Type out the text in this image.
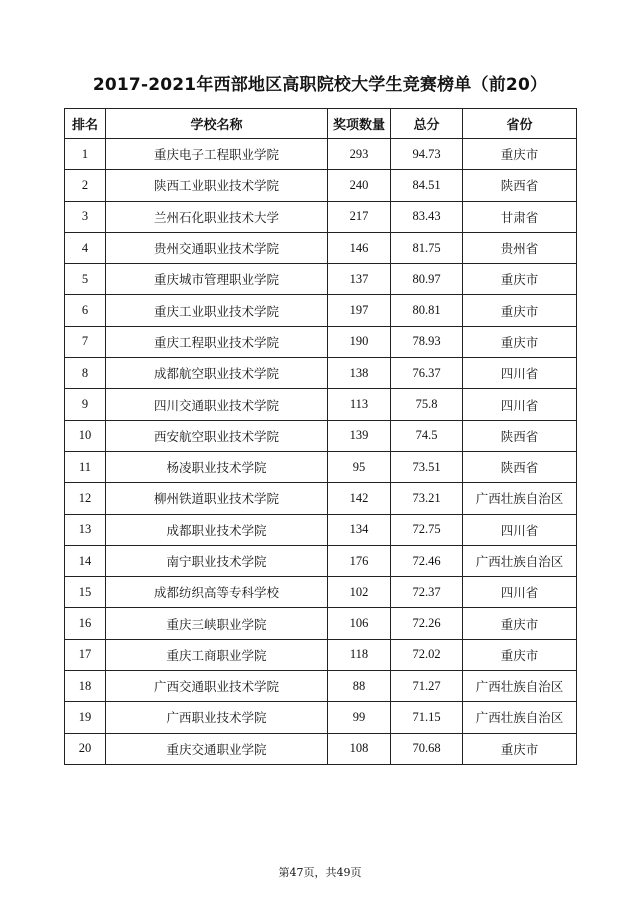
2017-2021年西部地区高职院校大学生竞赛榜单（前20）
排名	学校名称	奖项数量	总分	省份
1	重庆电子工程职业学院	293	94.73	重庆市
2	陕西工业职业技术学院	240	84.51	陕西省
3	兰州石化职业技术大学	217	83.43	甘肃省
4	贵州交通职业技术学院	146	81.75	贵州省
5	重庆城市管理职业学院	137	80.97	重庆市
6	重庆工业职业技术学院	197	80.81	重庆市
7	重庆工程职业技术学院	190	78.93	重庆市
8	成都航空职业技术学院	138	76.37	四川省
9	四川交通职业技术学院	113	75.8	四川省
10	西安航空职业技术学院	139	74.5	陕西省
11	杨凌职业技术学院	95	73.51	陕西省
12	柳州铁道职业技术学院	142	73.21	广西壮族自治区
13	成都职业技术学院	134	72.75	四川省
14	南宁职业技术学院	176	72.46	广西壮族自治区
15	成都纺织高等专科学校	102	72.37	四川省
16	重庆三峡职业学院	106	72.26	重庆市
17	重庆工商职业学院	118	72.02	重庆市
18	广西交通职业技术学院	88	71.27	广西壮族自治区
19	广西职业技术学院	99	71.15	广西壮族自治区
20	重庆交通职业学院	108	70.68	重庆市
第47页，共49页
